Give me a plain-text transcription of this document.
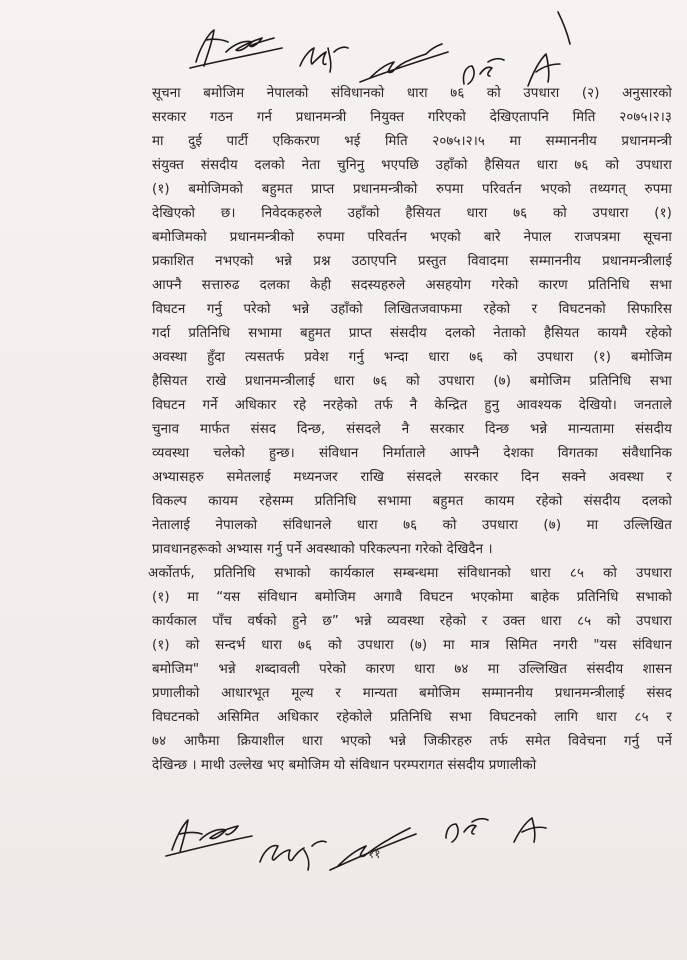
सूचना बमोजिम नेपालको संविधानको धारा ७६ को उपधारा (२) अनुसारको
सरकार गठन गर्न प्रधानमन्त्री नियुक्त गरिएको देखिएतापनि मिति २०७५।२।३
मा दुई पार्टी एकिकरण भई मिति २०७५।२।५ मा सम्माननीय प्रधानमन्त्री
संयुक्त संसदीय दलको नेता चुनिनु भएपछि उहाँको हैसियत धारा ७६ को उपधारा
(१) बमोजिमको बहुमत प्राप्त प्रधानमन्त्रीको रुपमा परिवर्तन भएको तथ्यगत् रुपमा
देखिएको छ। निवेदकहरुले उहाँको हैसियत धारा ७६ को उपधारा (१)
बमोजिमको प्रधानमन्त्रीको रुपमा परिवर्तन भएको बारे नेपाल राजपत्रमा सूचना
प्रकाशित नभएको भन्ने प्रश्न उठाएपनि प्रस्तुत विवादमा सम्माननीय प्रधानमन्त्रीलाई
आफ्नै सत्तारुढ दलका केही सदस्यहरुले असहयोग गरेको कारण प्रतिनिधि सभा
विघटन गर्नु परेको भन्ने उहाँको लिखितजवाफमा रहेको र विघटनको सिफारिस
गर्दा प्रतिनिधि सभामा बहुमत प्राप्त संसदीय दलको नेताको हैसियत कायमै रहेको
अवस्था हुँदा त्यसतर्फ प्रवेश गर्नु भन्दा धारा ७६ को उपधारा (१) बमोजिम
हैसियत राखे प्रधानमन्त्रीलाई धारा ७६ को उपधारा (७) बमोजिम प्रतिनिधि सभा
विघटन गर्ने अधिकार रहे नरहेको तर्फ नै केन्द्रित हुनु आवश्यक देखियो। जनताले
चुनाव मार्फत संसद दिन्छ, संसदले नै सरकार दिन्छ भन्ने मान्यतामा संसदीय
व्यवस्था चलेको हुन्छ। संविधान निर्माताले आफ्नै देशका विगतका संवैधानिक
अभ्यासहरु समेतलाई मध्यनजर राखि संसदले सरकार दिन सक्ने अवस्था र
विकल्प कायम रहेसम्म प्रतिनिधि सभामा बहुमत कायम रहेको संसदीय दलको
नेतालाई नेपालको संविधानले धारा ७६ को उपधारा (७) मा उल्लिखित
प्रावधानहरूको अभ्यास गर्नु पर्ने अवस्थाको परिकल्पना गरेको देखिदैन ।
अर्कोतर्फ, प्रतिनिधि सभाको कार्यकाल सम्बन्धमा संविधानको धारा ८५ को उपधारा
(१) मा “यस संविधान बमोजिम अगावै विघटन भएकोमा बाहेक प्रतिनिधि सभाको
कार्यकाल पाँच वर्षको हुने छ” भन्ने व्यवस्था रहेको र उक्त धारा ८५ को उपधारा
(१) को सन्दर्भ धारा ७६ को उपधारा (७) मा मात्र सिमित नगरी "यस संविधान
बमोजिम" भन्ने शब्दावली परेको कारण धारा ७४ मा उल्लिखित संसदीय शासन
प्रणालीको आधारभूत मूल्य र मान्यता बमोजिम सम्माननीय प्रधानमन्त्रीलाई संसद
विघटनको असिमित अधिकार रहेकोले प्रतिनिधि सभा विघटनको लागि धारा ८५ र
७४ आफैमा क्रियाशील धारा भएको भन्ने जिकीरहरु तर्फ समेत विवेचना गर्नु पर्ने
देखिन्छ । माथी उल्लेख भए बमोजिम यो संविधान परम्परागत संसदीय प्रणालीको
११
